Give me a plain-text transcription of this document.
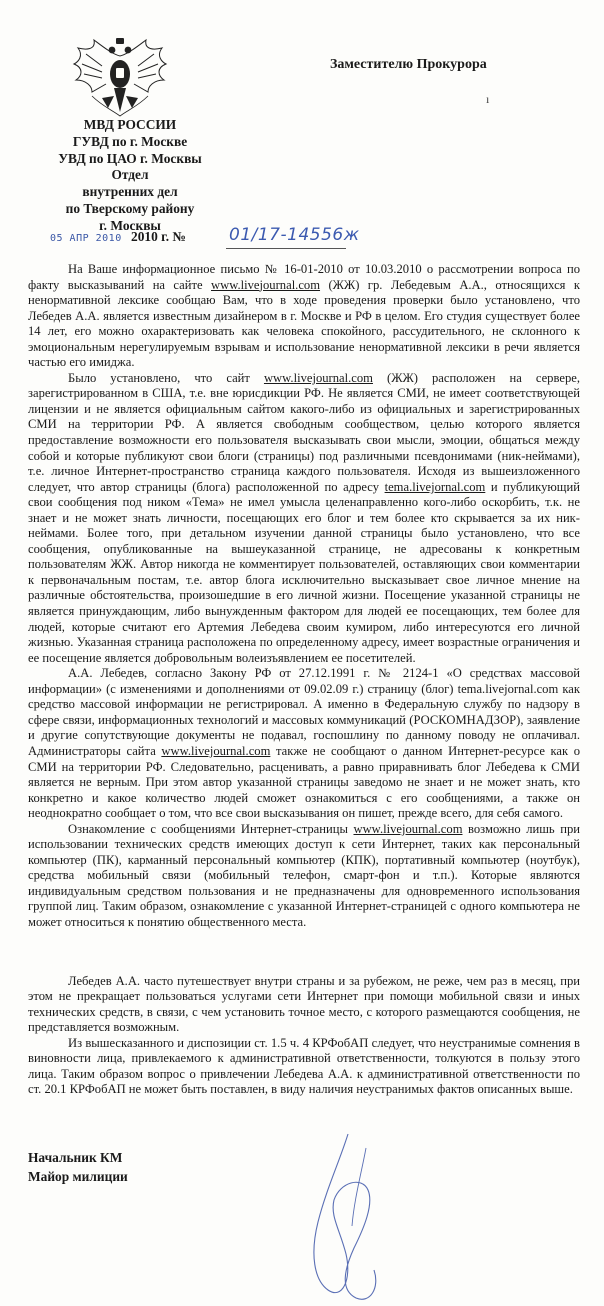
МВД РОССИИ
ГУВД по г. Москве
УВД по ЦАО г. Москвы
Отдел
внутренних дел
по Тверскому району
г. Москвы
Заместителю Прокурора
ı
05 АПР 2010 2010 г. №	01/17-14556ж

На Ваше информационное письмо № 16-01-2010 от 10.03.2010 о рассмотрении вопроса по факту высказываний на сайте www.livejournal.com (ЖЖ) гр. Лебедевым А.А., относящихся к ненормативной лексике сообщаю Вам, что в ходе проведения проверки было установлено, что Лебедев А.А. является известным дизайнером в г. Москве и РФ в целом. Его студия существует более 14 лет, его можно охарактеризовать как человека спокойного, рассудительного, не склонного к эмоциональным нерегулируемым взрывам и использование ненормативной лексики в речи является частью его имиджа.

Было установлено, что сайт www.livejournal.com (ЖЖ) расположен на сервере, зарегистрированном в США, т.е. вне юрисдикции РФ. Не является СМИ, не имеет соответствующей лицензии и не является официальным сайтом какого-либо из официальных и зарегистрированных СМИ на территории РФ. А является свободным сообществом, целью которого является предоставление возможности его пользователя высказывать свои мысли, эмоции, общаться между собой и которые публикуют свои блоги (страницы) под различными псевдонимами (ник-неймами), т.е. личное Интернет-пространство страница каждого пользователя. Исходя из вышеизложенного следует, что автор страницы (блога) расположенной по адресу tema.livejornal.com и публикующий свои сообщения под ником «Тема» не имел умысла целенаправленно кого-либо оскорбить, т.к. не знает и не может знать личности, посещающих его блог и тем более кто скрывается за их ник-неймами. Более того, при детальном изучении данной страницы было установлено, что все сообщения, опубликованные на вышеуказанной странице, не адресованы к конкретным пользователям ЖЖ. Автор никогда не комментирует пользователей, оставляющих свои комментарии к первоначальным постам, т.е. автор блога исключительно высказывает свое личное мнение на различные обстоятельства, произошедшие в его личной жизни. Посещение указанной страницы не является принуждающим, либо вынужденным фактором для людей ее посещающих, тем более для людей, которые считают его Артемия Лебедева своим кумиром, либо интересуются его личной жизнью. Указанная страница расположена по определенному адресу, имеет возрастные ограничения и ее посещение является добровольным волеизъявлением ее посетителей.

А.А. Лебедев, согласно Закону РФ от 27.12.1991 г. № 2124-1 «О средствах массовой информации» (с изменениями и дополнениями от 09.02.09 г.) страницу (блог) tema.livejornal.com как средство массовой информации не регистрировал. А именно в Федеральную службу по надзору в сфере связи, информационных технологий и массовых коммуникаций (РОСКОМНАДЗОР), заявление и другие сопутствующие документы не подавал, госпошлину по данному поводу не оплачивал. Администраторы сайта www.livejournal.com также не сообщают о данном Интернет-ресурсе как о СМИ на территории РФ. Следовательно, расценивать, а равно приравнивать блог Лебедева к СМИ является не верным. При этом автор указанной страницы заведомо не знает и не может знать, кто конкретно и какое количество людей сможет ознакомиться с его сообщениями, а также он неоднократно сообщает о том, что все свои высказывания он пишет, прежде всего, для себя самого.

Ознакомление с сообщениями Интернет-страницы www.livejournal.com возможно лишь при использовании технических средств имеющих доступ к сети Интернет, таких как персональный компьютер (ПК), карманный персональный компьютер (КПК), портативный компьютер (ноутбук), средства мобильный связи (мобильный телефон, смарт-фон и т.п.). Которые являются индивидуальным средством пользования и не предназначены для одновременного использования группой лиц. Таким образом, ознакомление с указанной Интернет-страницей с одного компьютера не может относиться к понятию общественного места.

Лебедев А.А. часто путешествует внутри страны и за рубежом, не реже, чем раз в месяц, при этом не прекращает пользоваться услугами сети Интернет при помощи мобильной связи и иных технических средств, в связи, с чем установить точное место, с которого размещаются сообщения, не представляется возможным.

Из вышесказанного и диспозиции ст. 1.5 ч. 4 КРФобАП следует, что неустранимые сомнения в виновности лица, привлекаемого к административной ответственности, толкуются в пользу этого лица. Таким образом вопрос о привлечении Лебедева А.А. к административной ответственности по ст. 20.1 КРФобАП не может быть поставлен, в виду наличия неустранимых фактов описанных выше.

Начальник КМ
Майор милиции
